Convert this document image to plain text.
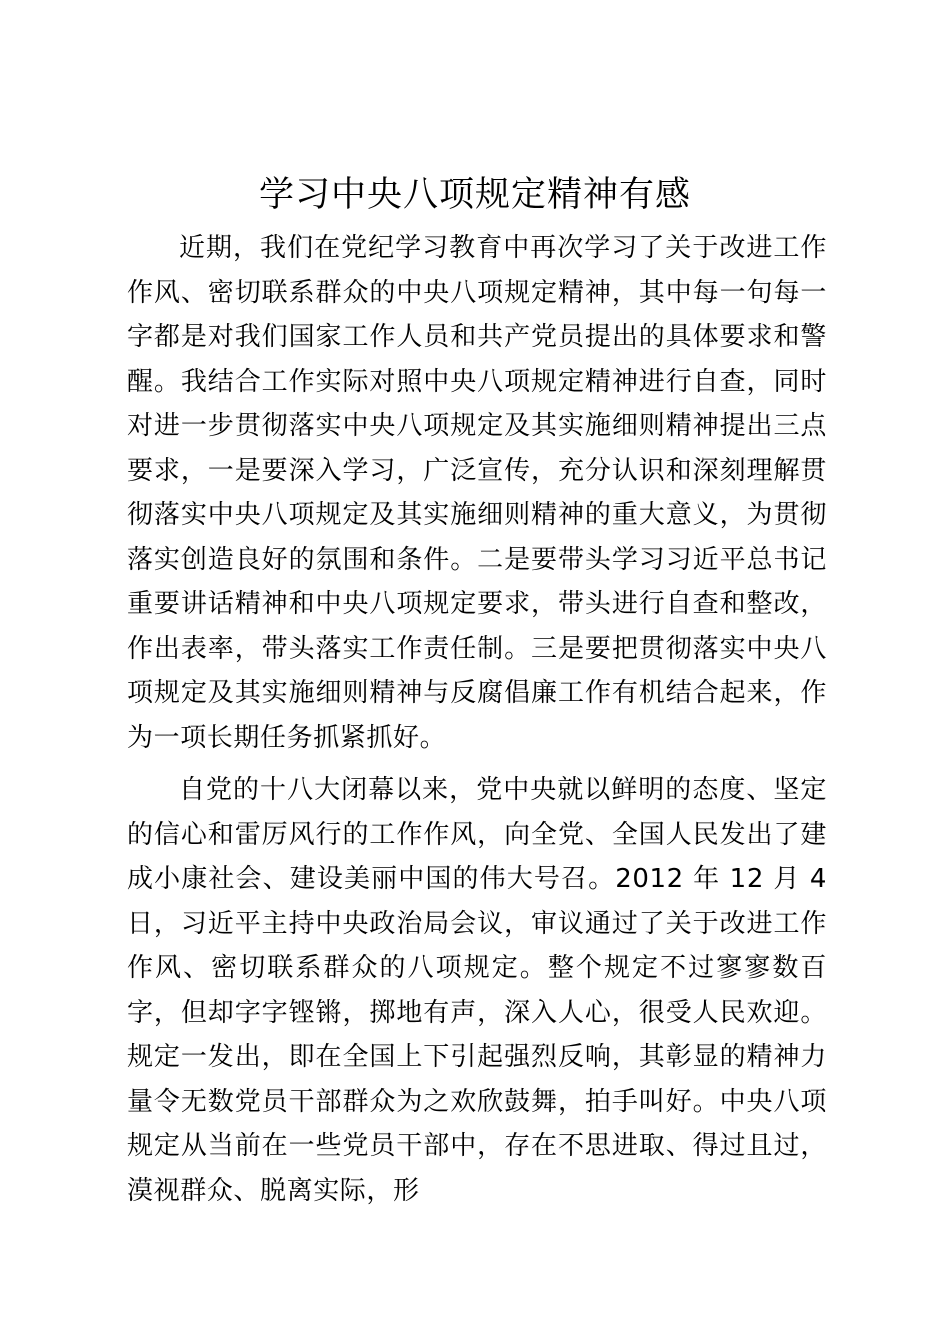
学习中央八项规定精神有感

近期，我们在党纪学习教育中再次学习了关于改进工作作风、密切联系群众的中央八项规定精神，其中每一句每一字都是对我们国家工作人员和共产党员提出的具体要求和警醒。我结合工作实际对照中央八项规定精神进行自查，同时对进一步贯彻落实中央八项规定及其实施细则精神提出三点要求，一是要深入学习，广泛宣传，充分认识和深刻理解贯彻落实中央八项规定及其实施细则精神的重大意义，为贯彻落实创造良好的氛围和条件。二是要带头学习习近平总书记重要讲话精神和中央八项规定要求，带头进行自查和整改，作出表率，带头落实工作责任制。三是要把贯彻落实中央八项规定及其实施细则精神与反腐倡廉工作有机结合起来，作为一项长期任务抓紧抓好。

自党的十八大闭幕以来，党中央就以鲜明的态度、坚定的信心和雷厉风行的工作作风，向全党、全国人民发出了建成小康社会、建设美丽中国的伟大号召。2012 年 12 月 4 日，习近平主持中央政治局会议，审议通过了关于改进工作作风、密切联系群众的八项规定。整个规定不过寥寥数百字，但却字字铿锵，掷地有声，深入人心，很受人民欢迎。规定一发出，即在全国上下引起强烈反响，其彰显的精神力量令无数党员干部群众为之欢欣鼓舞，拍手叫好。中央八项规定从当前在一些党员干部中，存在不思进取、得过且过，漠视群众、脱离实际，形
